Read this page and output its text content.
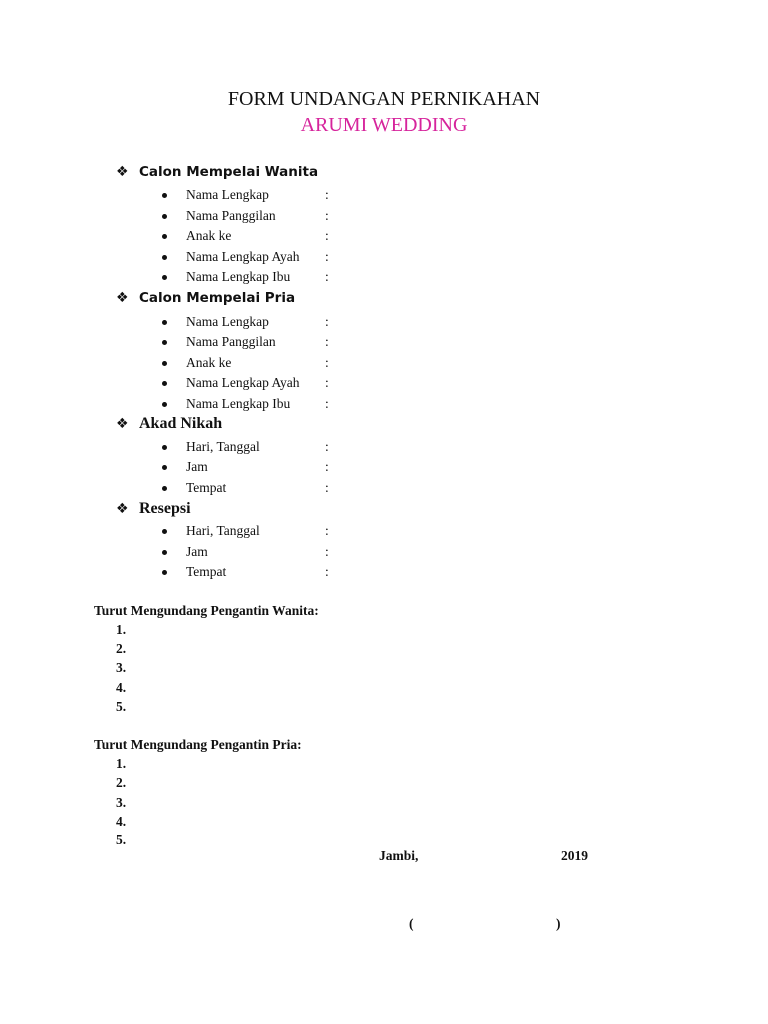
FORM UNDANGAN PERNIKAHAN
ARUMI WEDDING
❖ Calon Mempelai Wanita
Nama Lengkap	:
Nama Panggilan	:
Anak ke	:
Nama Lengkap Ayah :
Nama Lengkap Ibu	:
❖ Calon Mempelai Pria
Nama Lengkap	:
Nama Panggilan	:
Anak ke	:
Nama Lengkap Ayah :
Nama Lengkap Ibu	:
❖ Akad Nikah
Hari, Tanggal	:
Jam	:
Tempat	:
❖ Resepsi
Hari, Tanggal	:
Jam	:
Tempat	:
Turut Mengundang Pengantin Wanita:
1.
2.
3.
4.
5.
Turut Mengundang Pengantin Pria:
1.
2.
3.
4.
5.
Jambi,	2019
(	)
